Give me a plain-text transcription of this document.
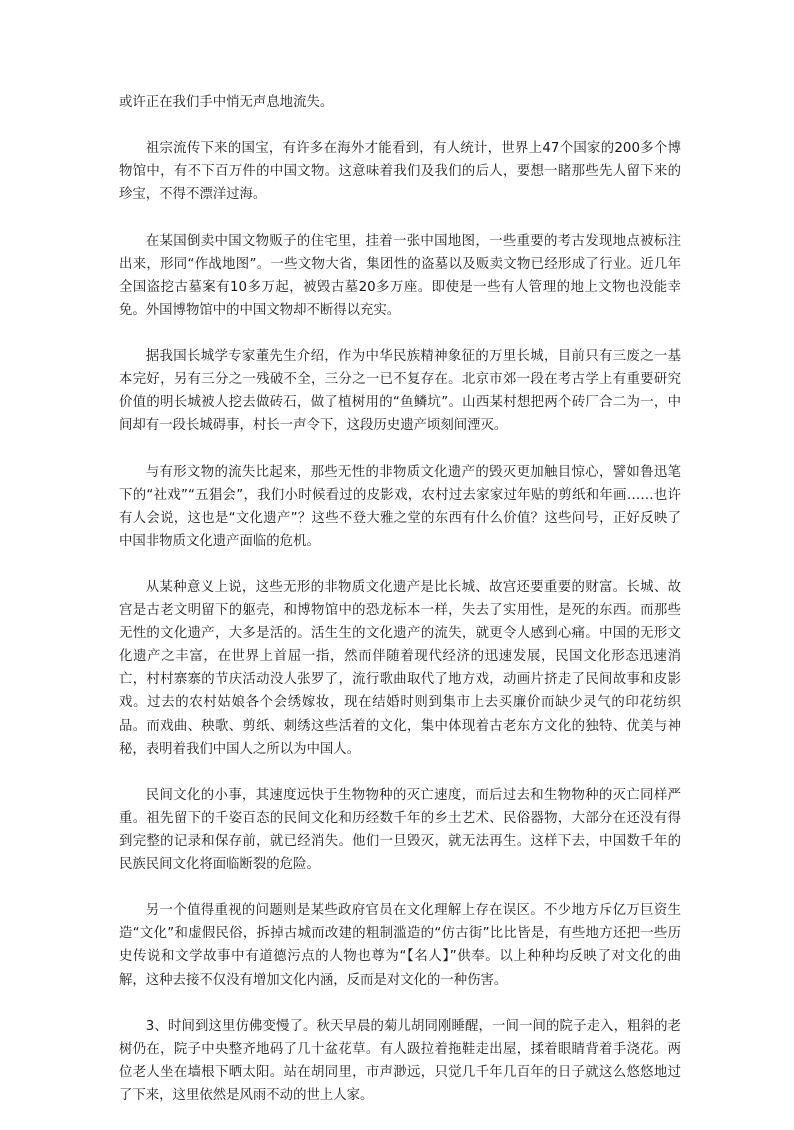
或许正在我们手中悄无声息地流失。

祖宗流传下来的国宝，有许多在海外才能看到，有人统计，世界上47个国家的200多个博物馆中，有不下百万件的中国文物。这意味着我们及我们的后人，要想一睹那些先人留下来的珍宝，不得不漂洋过海。

在某国倒卖中国文物贩子的住宅里，挂着一张中国地图，一些重要的考古发现地点被标注出来，形同“作战地图”。一些文物大省，集团性的盗墓以及贩卖文物已经形成了行业。近几年全国盗挖古墓案有10多万起，被毁古墓20多万座。即使是一些有人管理的地上文物也没能幸免。外国博物馆中的中国文物却不断得以充实。

据我国长城学专家董先生介绍，作为中华民族精神象征的万里长城，目前只有三废之一基本完好，另有三分之一残破不全，三分之一已不复存在。北京市郊一段在考古学上有重要研究价值的明长城被人挖去做砖石，做了植树用的“鱼鳞坑”。山西某村想把两个砖厂合二为一，中间却有一段长城碍事，村长一声令下，这段历史遗产顷刻间湮灭。

与有形文物的流失比起来，那些无性的非物质文化遗产的毁灭更加触目惊心，譬如鲁迅笔下的“社戏”“五猖会”，我们小时候看过的皮影戏，农村过去家家过年贴的剪纸和年画……也许有人会说，这也是“文化遗产”？这些不登大雅之堂的东西有什么价值？这些问号，正好反映了中国非物质文化遗产面临的危机。

从某种意义上说，这些无形的非物质文化遗产是比长城、故宫还要重要的财富。长城、故宫是古老文明留下的躯壳，和博物馆中的恐龙标本一样，失去了实用性，是死的东西。而那些无性的文化遗产，大多是活的。活生生的文化遗产的流失，就更令人感到心痛。中国的无形文化遗产之丰富，在世界上首屈一指，然而伴随着现代经济的迅速发展，民国文化形态迅速消亡，村村寨寨的节庆活动没人张罗了，流行歌曲取代了地方戏，动画片挤走了民间故事和皮影戏。过去的农村姑娘各个会绣嫁妆，现在结婚时则到集市上去买廉价而缺少灵气的印花纺织品。而戏曲、秧歌、剪纸、刺绣这些活着的文化，集中体现着古老东方文化的独特、优美与神秘，表明着我们中国人之所以为中国人。

民间文化的小事，其速度远快于生物物种的灭亡速度，而后过去和生物物种的灭亡同样严重。祖先留下的千姿百态的民间文化和历经数千年的乡土艺术、民俗器物，大部分在还没有得到完整的记录和保存前，就已经消失。他们一旦毁灭，就无法再生。这样下去，中国数千年的民族民间文化将面临断裂的危险。

另一个值得重视的问题则是某些政府官员在文化理解上存在误区。不少地方斥亿万巨资生造“文化”和虚假民俗，拆掉古城而改建的粗制滥造的“仿古街”比比皆是，有些地方还把一些历史传说和文学故事中有道德污点的人物也尊为“【名人】”供奉。以上种种均反映了对文化的曲解，这种去接不仅没有增加文化内涵，反而是对文化的一种伤害。

3、时间到这里仿佛变慢了。秋天早晨的菊儿胡同刚睡醒，一间一间的院子走入，粗斜的老树仍在，院子中央整齐地码了几十盆花草。有人趿拉着拖鞋走出屋，揉着眼睛背着手浇花。两位老人坐在墙根下晒太阳。站在胡同里，市声渺远，只觉几千年几百年的日子就这么悠悠地过了下来，这里依然是风雨不动的世上人家。
